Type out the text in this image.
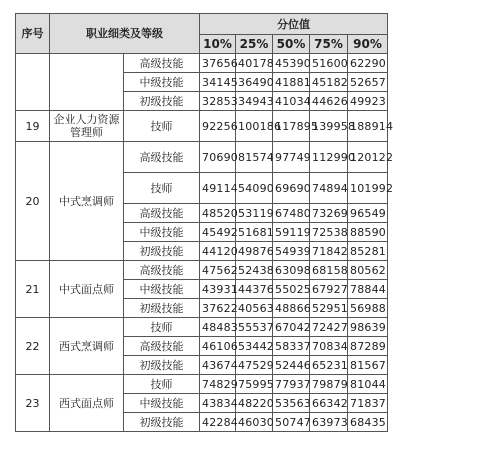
序号	职业细类及等级		分位值				
			10%	25%	50%	75%	90%
		高级技能	37656	40178	45390	51600	62290
		中级技能	34145	36490	41881	45182	52657
		初级技能	32853	34943	41034	44626	49923
19	企业人力资源管理师	技师	92256	100186	117895	139958	188914
20	中式烹调师	高级技能	70690	81574	97749	112990	120122
		技师	49114	54090	69690	74894	101992
		高级技能	48520	53119	67480	73269	96549
		中级技能	45492	51681	59119	72538	88590
		初级技能	44120	49876	54939	71842	85281
21	中式面点师	高级技能	47562	52438	63098	68158	80562
		中级技能	43931	44376	55025	67927	78844
		初级技能	37622	40563	48866	52951	56988
22	西式烹调师	技师	48483	55537	67042	72427	98639
		高级技能	46106	53442	58337	70834	87289
		初级技能	43674	47529	52446	65231	81567
23	西式面点师	技师	74829	75995	77937	79879	81044
		中级技能	43834	48220	53563	66342	71837
		初级技能	42284	46030	50747	63973	68435
